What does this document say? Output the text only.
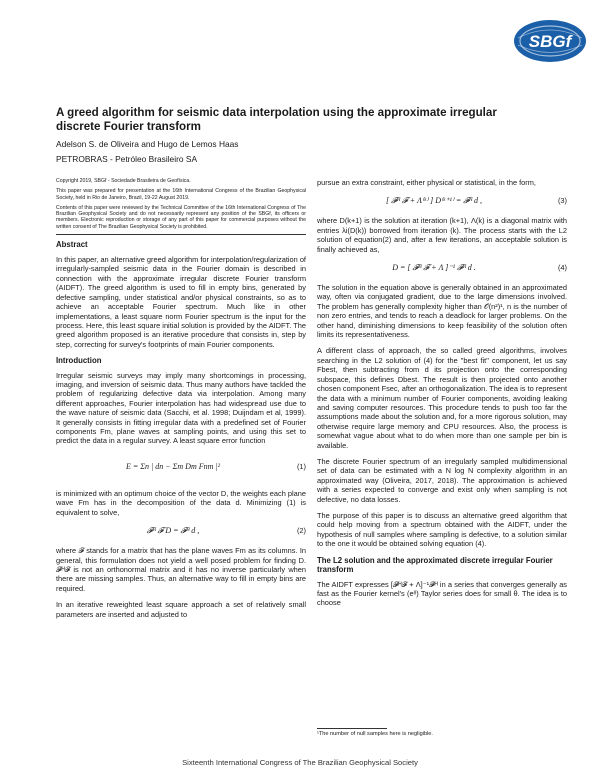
SBGf
A greed algorithm for seismic data interpolation using the approximate irregular discrete Fourier transform
Adelson S. de Oliveira and Hugo de Lemos Haas
PETROBRAS - Petróleo Brasileiro SA

Copyright 2019, SBGf - Sociedade Brasileira de Geofísica.

This paper was prepared for presentation at the 16th International Congress of the Brazilian Geophysical Society, held in Rio de Janeiro, Brazil, 19-22 August 2019.

Contents of this paper were reviewed by the Technical Committee of the 16th International Congress of The Brazilian Geophysical Society and do not necessarily represent any position of the SBGf, its officers or members. Electronic reproduction or storage of any part of this paper for commercial purposes without the written consent of The Brazilian Geophysical Society is prohibited.

Abstract

In this paper, an alternative greed algorithm for interpolation/regularization of irregularly-sampled seismic data in the Fourier domain is described in connection with the approximate irregular discrete Fourier transform (AIDFT). The greed algorithm is used to fill in empty bins, generated by defective sampling, under statistical and/or physical constraints, so as to achieve an acceptable Fourier spectrum. Much like in other implementations, a least square norm Fourier spectrum is the input for the process. Here, this least square initial solution is provided by the AIDFT. The greed algorithm proposed is an iterative procedure that consists in, step by step, correcting for survey's footprints of main Fourier components.

Introduction

Irregular seismic surveys may imply many shortcomings in processing, imaging, and inversion of seismic data. Thus many authors have tackled the problem of regularizing defective data via interpolation. Among many different approaches, Fourier interpolation has had widespread use due to the wave nature of seismic data (Sacchi, et al. 1998; Duijndam et al, 1999). It generally consists in fitting irregular data with a predefined set of Fourier components Fm, plane waves at sampling points, and using this set to predict the data in a regular survey. A least square error function

E = Σn | dn − Σm Dm Fnm |²	(1)

is minimized with an optimum choice of the vector D, the weights each plane wave Fm has in the decomposition of the data d. Minimizing (1) is equivalent to solve,

𝓕ᴴ 𝓕 D = 𝓕ᴴ d ,	(2)

where 𝓕 stands for a matrix that has the plane waves Fm as its columns. In general, this formulation does not yield a well posed problem for finding D. 𝓕ᴴ𝓕 is not an orthonormal matrix and it has no inverse particularly when there are missing samples. Thus, an alternative way to fill in empty bins are required.

In an iterative reweighted least square approach a set of relatively small parameters are inserted and adjusted to

pursue an extra constraint, either physical or statistical, in the form,

[ 𝓕ᴴ 𝓕 + Λ⁽ᵏ⁾ ] D⁽ᵏ⁺¹⁾ = 𝓕ᴴ d ,	(3)

where D(k+1) is the solution at iteration (k+1), Λ(k) is a diagonal matrix with entries λi(D(k)) borrowed from iteration (k). The process starts with the L2 solution of equation(2) and, after a few iterations, an acceptable solution is finally achieved as,

D = [ 𝓕ᴴ 𝓕 + Λ ]⁻¹ 𝓕ᴴ d .	(4)

The solution in the equation above is generally obtained in an approximated way, often via conjugated gradient, due to the large dimensions involved. The problem has generally complexity higher than 𝒪(n²)¹, n is the number of non zero entries, and tends to reach a deadlock for larger problems. On the other hand, diminishing dimensions to keep feasibility of the solution often limits its representativeness.

A different class of approach, the so called greed algorithms, involves searching in the L2 solution of (4) for the "best fit" component, let us say Fbest, then subtracting from d its projection onto the corresponding subspace, this defines Dbest. The result is then projected onto another chosen component Fsec, after an orthogonalization. The idea is to represent the data with a minimum number of Fourier components, avoiding leaking and saving computer resources. This procedure tends to push too far the assumptions made about the solution and, for a more rigorous solution, may otherwise require large memory and CPU resources. Also, the process is somewhat vague about what to do when more than one sample per bin is available.

The discrete Fourier spectrum of an irregularly sampled multidimensional set of data can be estimated with a N log N complexity algorithm in an approximated way (Oliveira, 2017, 2018). The approximation is achieved with a series expected to converge and exist only when sampling is not defective, no data losses.

The purpose of this paper is to discuss an alternative greed algorithm that could help moving from a spectrum obtained with the AIDFT, under the hypothesis of null samples where sampling is defective, to a solution similar to the one it would be obtained solving equation (4).

The L2 solution and the approximated discrete irregular Fourier transform

The AIDFT expresses [𝓕ᴴ𝓕 + Λ]⁻¹𝓕ᴴ in a series that converges generally as fast as the Fourier kernel's (eᶿ) Taylor series does for small θ. The idea is to choose

¹The number of null samples here is negligible.
Sixteenth International Congress of The Brazilian Geophysical Society
